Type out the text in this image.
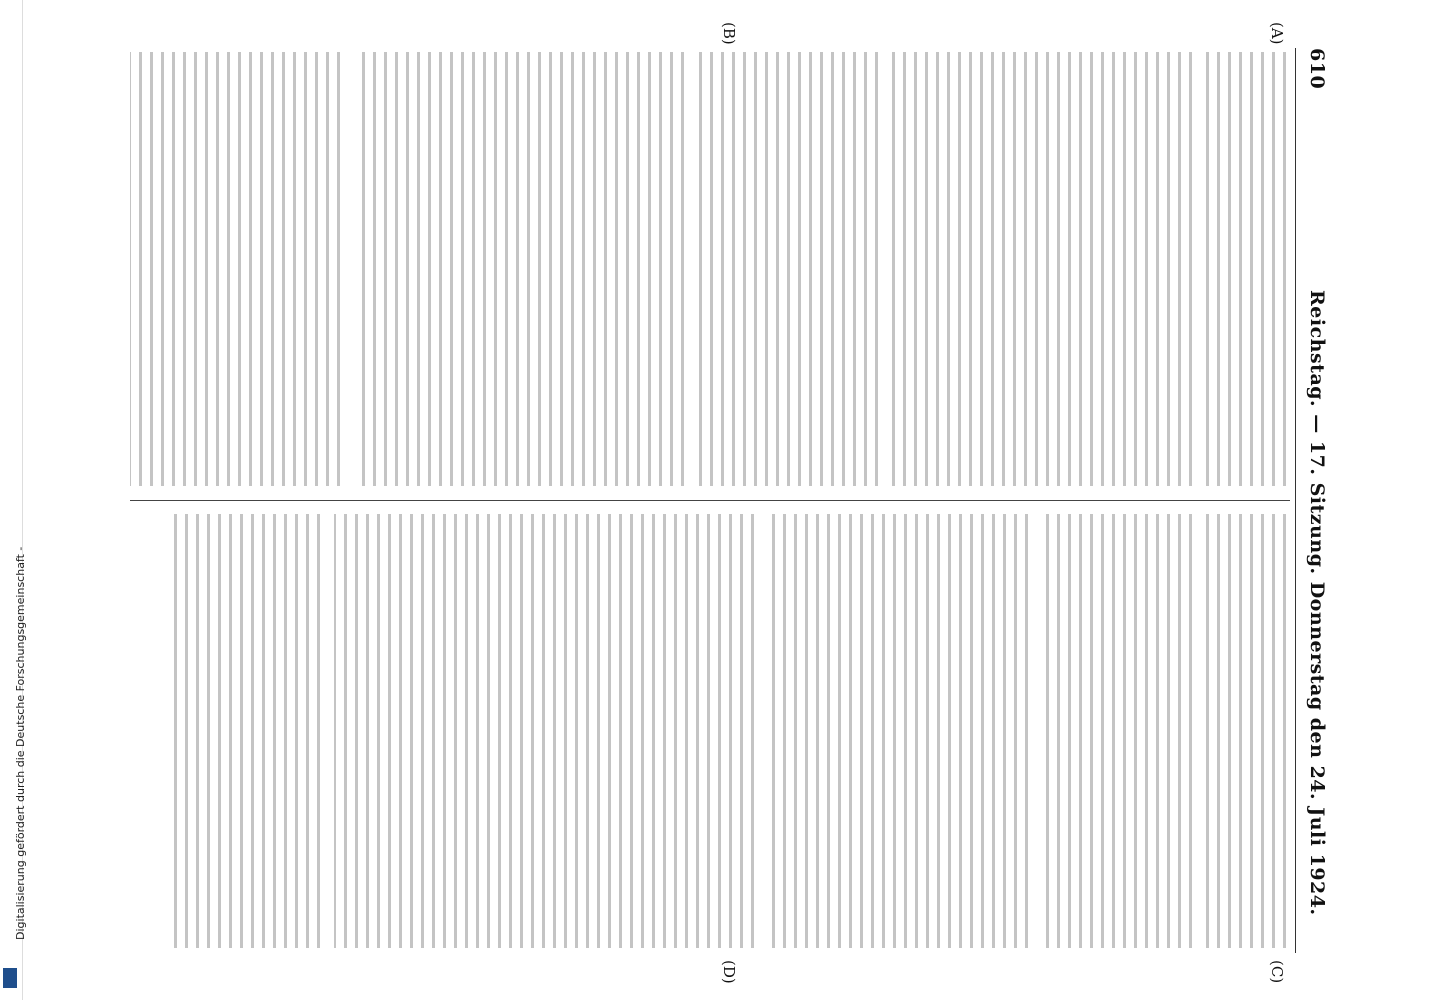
Digitalisierung gefördert durch die Deutsche Forschungsgemeinschaft -
610
Reichstag. — 17. Sitzung. Donnerstag den 24. Juli 1924.
(A)
(B)
(C)
(D)
